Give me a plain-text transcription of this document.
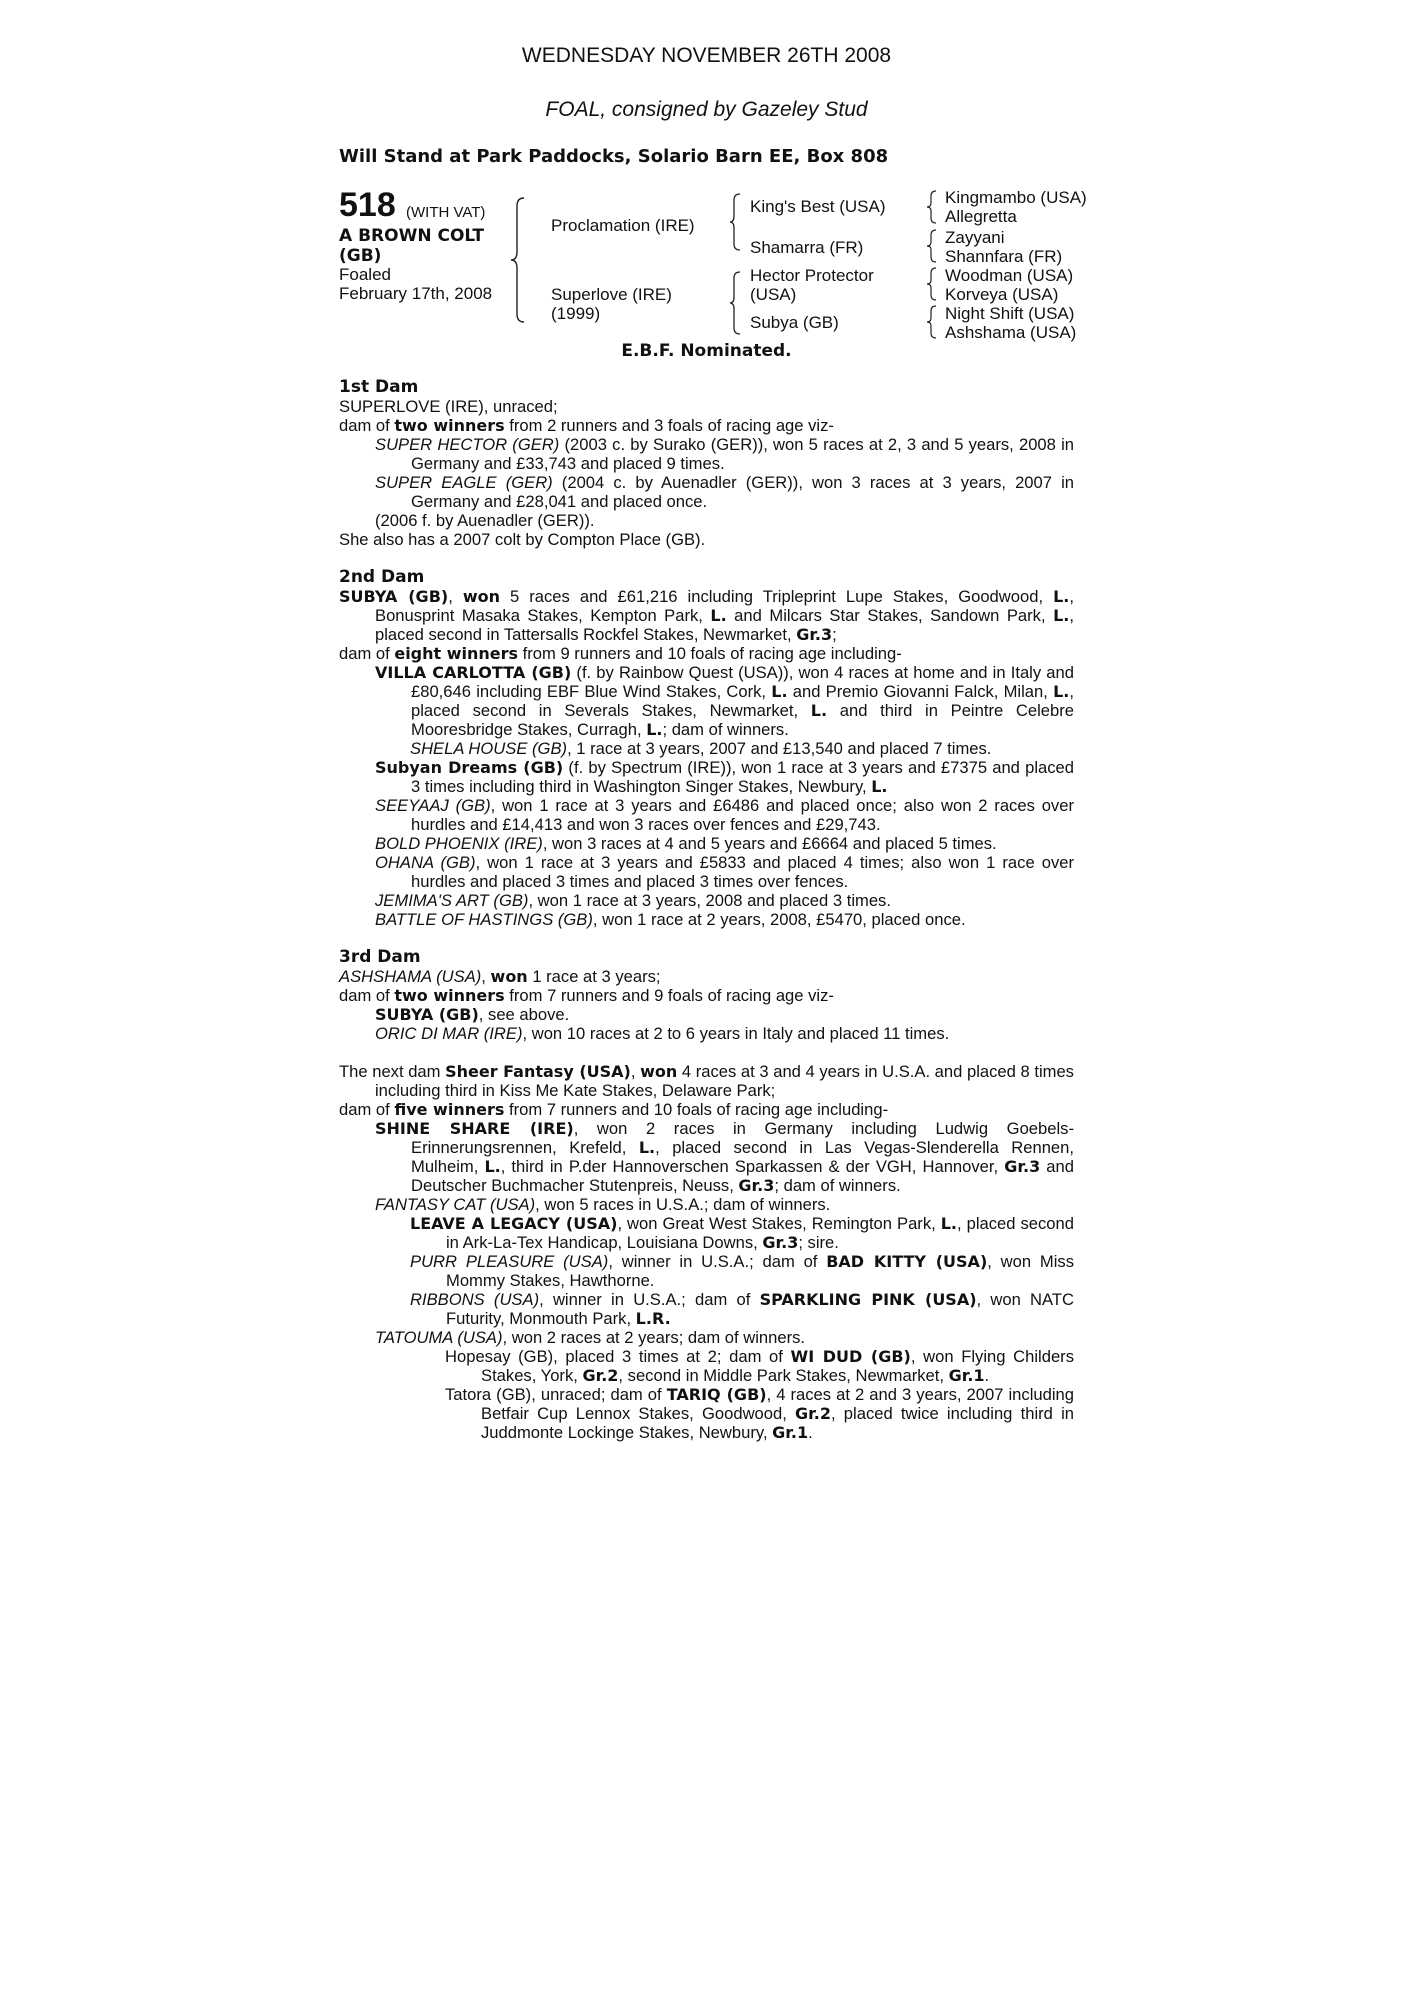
WEDNESDAY NOVEMBER 26TH 2008
FOAL, consigned by Gazeley Stud
Will Stand at Park Paddocks, Solario Barn EE, Box 808
518 (WITH VAT)
A BROWN COLT
(GB)
Foaled
February 17th, 2008
Proclamation (IRE)
Superlove (IRE)
(1999)
King's Best (USA)
Shamarra (FR)
Hector Protector
(USA)
Subya (GB)
Kingmambo (USA)
Allegretta
Zayyani
Shannfara (FR)
Woodman (USA)
Korveya (USA)
Night Shift (USA)
Ashshama (USA)
E.B.F. Nominated.
1st Dam

SUPERLOVE (IRE), unraced;

dam of two winners from 2 runners and 3 foals of racing age viz-

SUPER HECTOR (GER) (2003 c. by Surako (GER)), won 5 races at 2, 3 and 5 years, 2008 in Germany and £33,743 and placed 9 times.

SUPER EAGLE (GER) (2004 c. by Auenadler (GER)), won 3 races at 3 years, 2007 in Germany and £28,041 and placed once.

(2006 f. by Auenadler (GER)).

She also has a 2007 colt by Compton Place (GB).

2nd Dam

SUBYA (GB), won 5 races and £61,216 including Tripleprint Lupe Stakes, Goodwood, L., Bonusprint Masaka Stakes, Kempton Park, L. and Milcars Star Stakes, Sandown Park, L., placed second in Tattersalls Rockfel Stakes, Newmarket, Gr.3;

dam of eight winners from 9 runners and 10 foals of racing age including-

VILLA CARLOTTA (GB) (f. by Rainbow Quest (USA)), won 4 races at home and in Italy and £80,646 including EBF Blue Wind Stakes, Cork, L. and Premio Giovanni Falck, Milan, L., placed second in Severals Stakes, Newmarket, L. and third in Peintre Celebre Mooresbridge Stakes, Curragh, L.; dam of winners.

SHELA HOUSE (GB), 1 race at 3 years, 2007 and £13,540 and placed 7 times.

Subyan Dreams (GB) (f. by Spectrum (IRE)), won 1 race at 3 years and £7375 and placed 3 times including third in Washington Singer Stakes, Newbury, L.

SEEYAAJ (GB), won 1 race at 3 years and £6486 and placed once; also won 2 races over hurdles and £14,413 and won 3 races over fences and £29,743.

BOLD PHOENIX (IRE), won 3 races at 4 and 5 years and £6664 and placed 5 times.

OHANA (GB), won 1 race at 3 years and £5833 and placed 4 times; also won 1 race over hurdles and placed 3 times and placed 3 times over fences.

JEMIMA'S ART (GB), won 1 race at 3 years, 2008 and placed 3 times.

BATTLE OF HASTINGS (GB), won 1 race at 2 years, 2008, £5470, placed once.

3rd Dam

ASHSHAMA (USA), won 1 race at 3 years;

dam of two winners from 7 runners and 9 foals of racing age viz-

SUBYA (GB), see above.

ORIC DI MAR (IRE), won 10 races at 2 to 6 years in Italy and placed 11 times.

The next dam Sheer Fantasy (USA), won 4 races at 3 and 4 years in U.S.A. and placed 8 times including third in Kiss Me Kate Stakes, Delaware Park;

dam of five winners from 7 runners and 10 foals of racing age including-

SHINE SHARE (IRE), won 2 races in Germany including Ludwig Goebels-Erinnerungsrennen, Krefeld, L., placed second in Las Vegas-Slenderella Rennen, Mulheim, L., third in P.der Hannoverschen Sparkassen & der VGH, Hannover, Gr.3 and Deutscher Buchmacher Stutenpreis, Neuss, Gr.3; dam of winners.

FANTASY CAT (USA), won 5 races in U.S.A.; dam of winners.

LEAVE A LEGACY (USA), won Great West Stakes, Remington Park, L., placed second in Ark-La-Tex Handicap, Louisiana Downs, Gr.3; sire.

PURR PLEASURE (USA), winner in U.S.A.; dam of BAD KITTY (USA), won Miss Mommy Stakes, Hawthorne.

RIBBONS (USA), winner in U.S.A.; dam of SPARKLING PINK (USA), won NATC Futurity, Monmouth Park, L.R.

TATOUMA (USA), won 2 races at 2 years; dam of winners.

Hopesay (GB), placed 3 times at 2; dam of WI DUD (GB), won Flying Childers Stakes, York, Gr.2, second in Middle Park Stakes, Newmarket, Gr.1.

Tatora (GB), unraced; dam of TARIQ (GB), 4 races at 2 and 3 years, 2007 including Betfair Cup Lennox Stakes, Goodwood, Gr.2, placed twice including third in Juddmonte Lockinge Stakes, Newbury, Gr.1.
